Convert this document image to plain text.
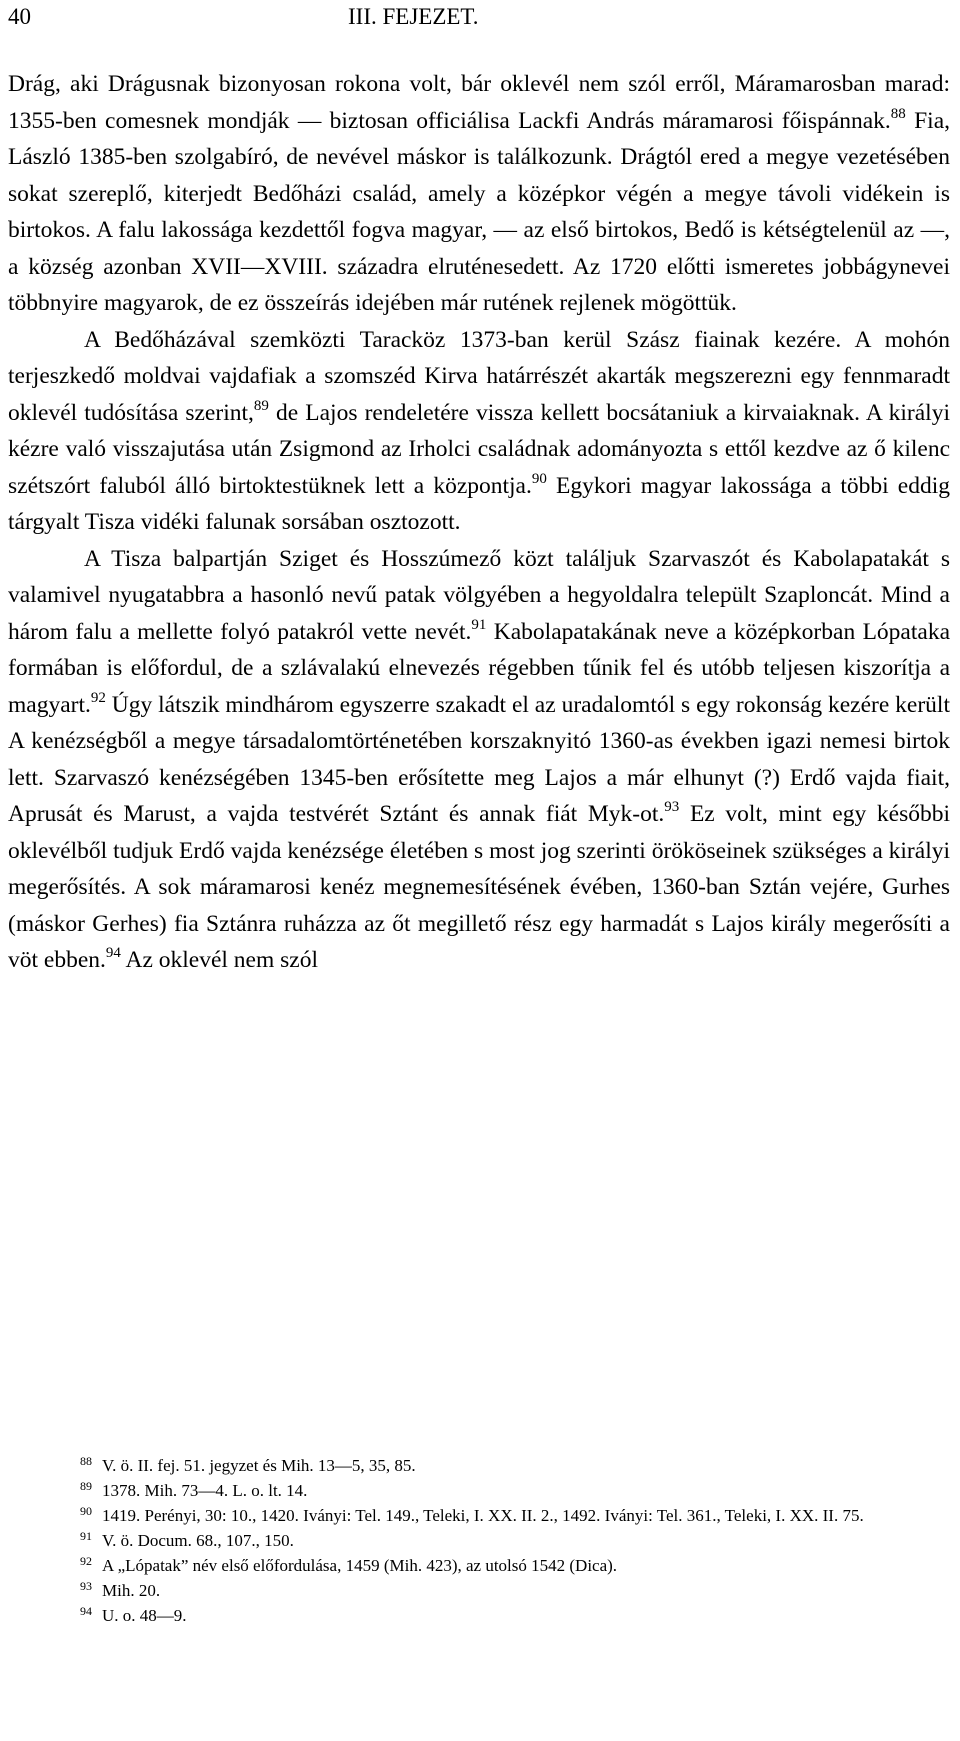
40	III. FEJEZET.

Drág, aki Drágusnak bizonyosan rokona volt, bár oklevél nem szól erről, Máramarosban marad: 1355-ben comesnek mondják — biztosan officiálisa Lackfi András máramarosi főispánnak.$^{88}$ Fia, László 1385-ben szolgabíró, de nevével máskor is találkozunk. Drágtól ered a megye vezetésében sokat szereplő, kiterjedt Bedőházi család, amely a középkor végén a megye távoli vidékein is birtokos. A falu lakossága kezdettől fogva magyar, — az első birtokos, Bedő is kétségtelenül az —, a község azonban XVII—XVIII. századra elruténesedett. Az 1720 előtti ismeretes jobbágynevei többnyire magyarok, de ez összeírás idejében már rutének rejlenek mögöttük.

A Bedőházával szemközti Taracköz 1373-ban kerül Szász fiainak kezére. A mohón terjeszkedő moldvai vajdafiak a szomszéd Kirva határrészét akarták megszerezni egy fennmaradt oklevél tudósítása szerint,$^{89}$ de Lajos rendeletére vissza kellett bocsátaniuk a kirvaiaknak. A királyi kézre való visszajutása után Zsigmond az Irholci családnak adományozta s ettől kezdve az ő kilenc szétszórt faluból álló birtoktestüknek lett a központja.$^{90}$ Egykori magyar lakossága a többi eddig tárgyalt Tisza vidéki falunak sorsában osztozott.

A Tisza balpartján Sziget és Hosszúmező közt találjuk Szarvaszót és Kabolapatakát s valamivel nyugatabbra a hasonló nevű patak völgyében a hegyoldalra települt Szaploncát. Mind a három falu a mellette folyó patakról vette nevét.$^{91}$ Kabolapatakának neve a középkorban Lópataka formában is előfordul, de a szlávalakú elnevezés régebben tűnik fel és utóbb teljesen kiszorítja a magyart.$^{92}$ Úgy látszik mindhárom egyszerre szakadt el az uradalomtól s egy rokonság kezére került A kenézségből a megye társadalomtörténetében korszaknyitó 1360-as években igazi nemesi birtok lett. Szarvaszó kenézségében 1345-ben erősítette meg Lajos a már elhunyt (?) Erdő vajda fiait, Aprusát és Marust, a vajda testvérét Sztánt és annak fiát Myk-ot.$^{93}$ Ez volt, mint egy későbbi oklevélből tudjuk Erdő vajda kenézsége életében s most jog szerinti örököseinek szükséges a királyi megerősítés. A sok máramarosi kenéz megnemesítésének évében, 1360-ban Sztán vejére, Gurhes (máskor Gerhes) fia Sztánra ruházza az őt megillető rész egy harmadát s Lajos király megerősíti a vöt ebben.$^{94}$ Az oklevél nem szól

$^{88}$ V. ö. II. fej. 51. jegyzet és Mih. 13—5, 35, 85.

$^{89}$ 1378. Mih. 73—4. L. o. lt. 14.

$^{90}$ 1419. Perényi, 30: 10., 1420. Iványi: Tel. 149., Teleki, I. XX. II. 2., 1492. Iványi: Tel. 361., Teleki, I. XX. II. 75.

$^{91}$ V. ö. Docum. 68., 107., 150.

$^{92}$ A „Lópatak” név első előfordulása, 1459 (Mih. 423), az utolsó 1542 (Dica).

$^{93}$ Mih. 20.

$^{94}$ U. o. 48—9.
